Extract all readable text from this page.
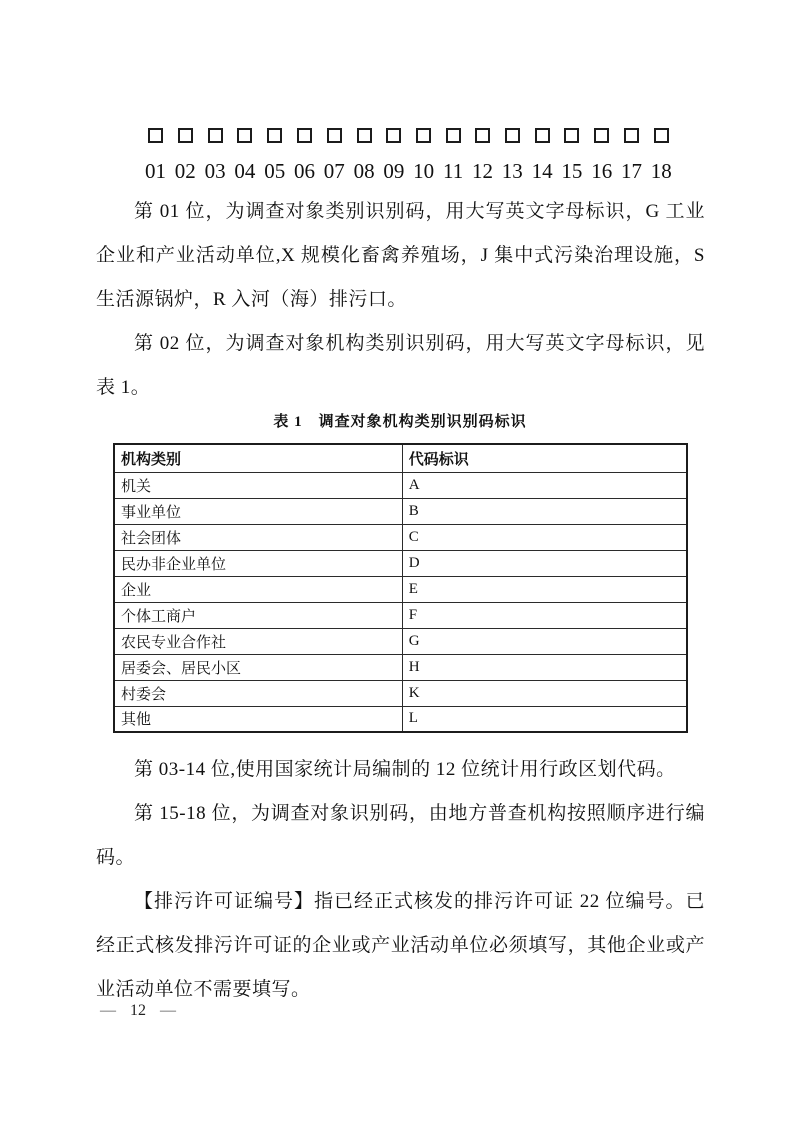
01 02 03 04 05 06 07 08 09 10 11 12 13 14 15 16 17 18

第 01 位，为调查对象类别识别码，用大写英文字母标识，G 工业企业和产业活动单位,X 规模化畜禽养殖场，J 集中式污染治理设施，S 生活源锅炉，R 入河（海）排污口。

第 02 位，为调查对象机构类别识别码，用大写英文字母标识，见表 1。

表 1　调查对象机构类别识别码标识
机构类别	代码标识
机关	A
事业单位	B
社会团体	C
民办非企业单位	D
企业	E
个体工商户	F
农民专业合作社	G
居委会、居民小区	H
村委会	K
其他	L

第 03-14 位,使用国家统计局编制的 12 位统计用行政区划代码。

第 15-18 位，为调查对象识别码，由地方普查机构按照顺序进行编码。

【排污许可证编号】指已经正式核发的排污许可证 22 位编号。已经正式核发排污许可证的企业或产业活动单位必须填写，其他企业或产业活动单位不需要填写。

— 12 —
